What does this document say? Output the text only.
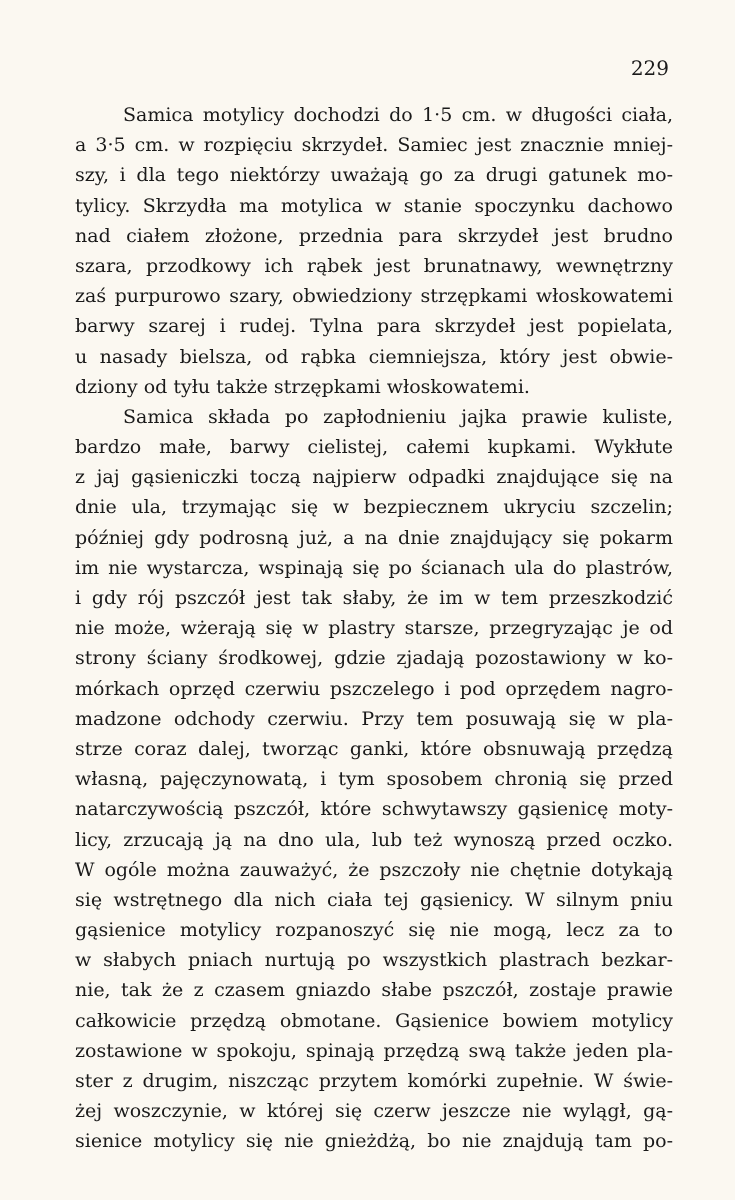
229
Samica motylicy dochodzi do 1·5 cm. w długości ciała,
a 3·5 cm. w rozpięciu skrzydeł. Samiec jest znacznie mniej-
szy, i dla tego niektórzy uważają go za drugi gatunek mo-
tylicy. Skrzydła ma motylica w stanie spoczynku dachowo
nad ciałem złożone, przednia para skrzydeł jest brudno
szara, przodkowy ich rąbek jest brunatnawy, wewnętrzny
zaś purpurowo szary, obwiedziony strzępkami włoskowatemi
barwy szarej i rudej. Tylna para skrzydeł jest popielata,
u nasady bielsza, od rąbka ciemniejsza, który jest obwie-
dziony od tyłu także strzępkami włoskowatemi.
Samica składa po zapłodnieniu jajka prawie kuliste,
bardzo małe, barwy cielistej, całemi kupkami. Wykłute
z jaj gąsieniczki toczą najpierw odpadki znajdujące się na
dnie ula, trzymając się w bezpiecznem ukryciu szczelin;
później gdy podrosną już, a na dnie znajdujący się pokarm
im nie wystarcza, wspinają się po ścianach ula do plastrów,
i gdy rój pszczół jest tak słaby, że im w tem przeszkodzić
nie może, wżerają się w plastry starsze, przegryzając je od
strony ściany środkowej, gdzie zjadają pozostawiony w ko-
mórkach oprzęd czerwiu pszczelego i pod oprzędem nagro-
madzone odchody czerwiu. Przy tem posuwają się w pla-
strze coraz dalej, tworząc ganki, które obsnuwają przędzą
własną, pajęczynowatą, i tym sposobem chronią się przed
natarczywością pszczół, które schwytawszy gąsienicę moty-
licy, zrzucają ją na dno ula, lub też wynoszą przed oczko.
W ogóle można zauważyć, że pszczoły nie chętnie dotykają
się wstrętnego dla nich ciała tej gąsienicy. W silnym pniu
gąsienice motylicy rozpanoszyć się nie mogą, lecz za to
w słabych pniach nurtują po wszystkich plastrach bezkar-
nie, tak że z czasem gniazdo słabe pszczół, zostaje prawie
całkowicie przędzą obmotane. Gąsienice bowiem motylicy
zostawione w spokoju, spinają przędzą swą także jeden pla-
ster z drugim, niszcząc przytem komórki zupełnie. W świe-
żej woszczynie, w której się czerw jeszcze nie wylągł, gą-
sienice motylicy się nie gnieżdżą, bo nie znajdują tam po-
